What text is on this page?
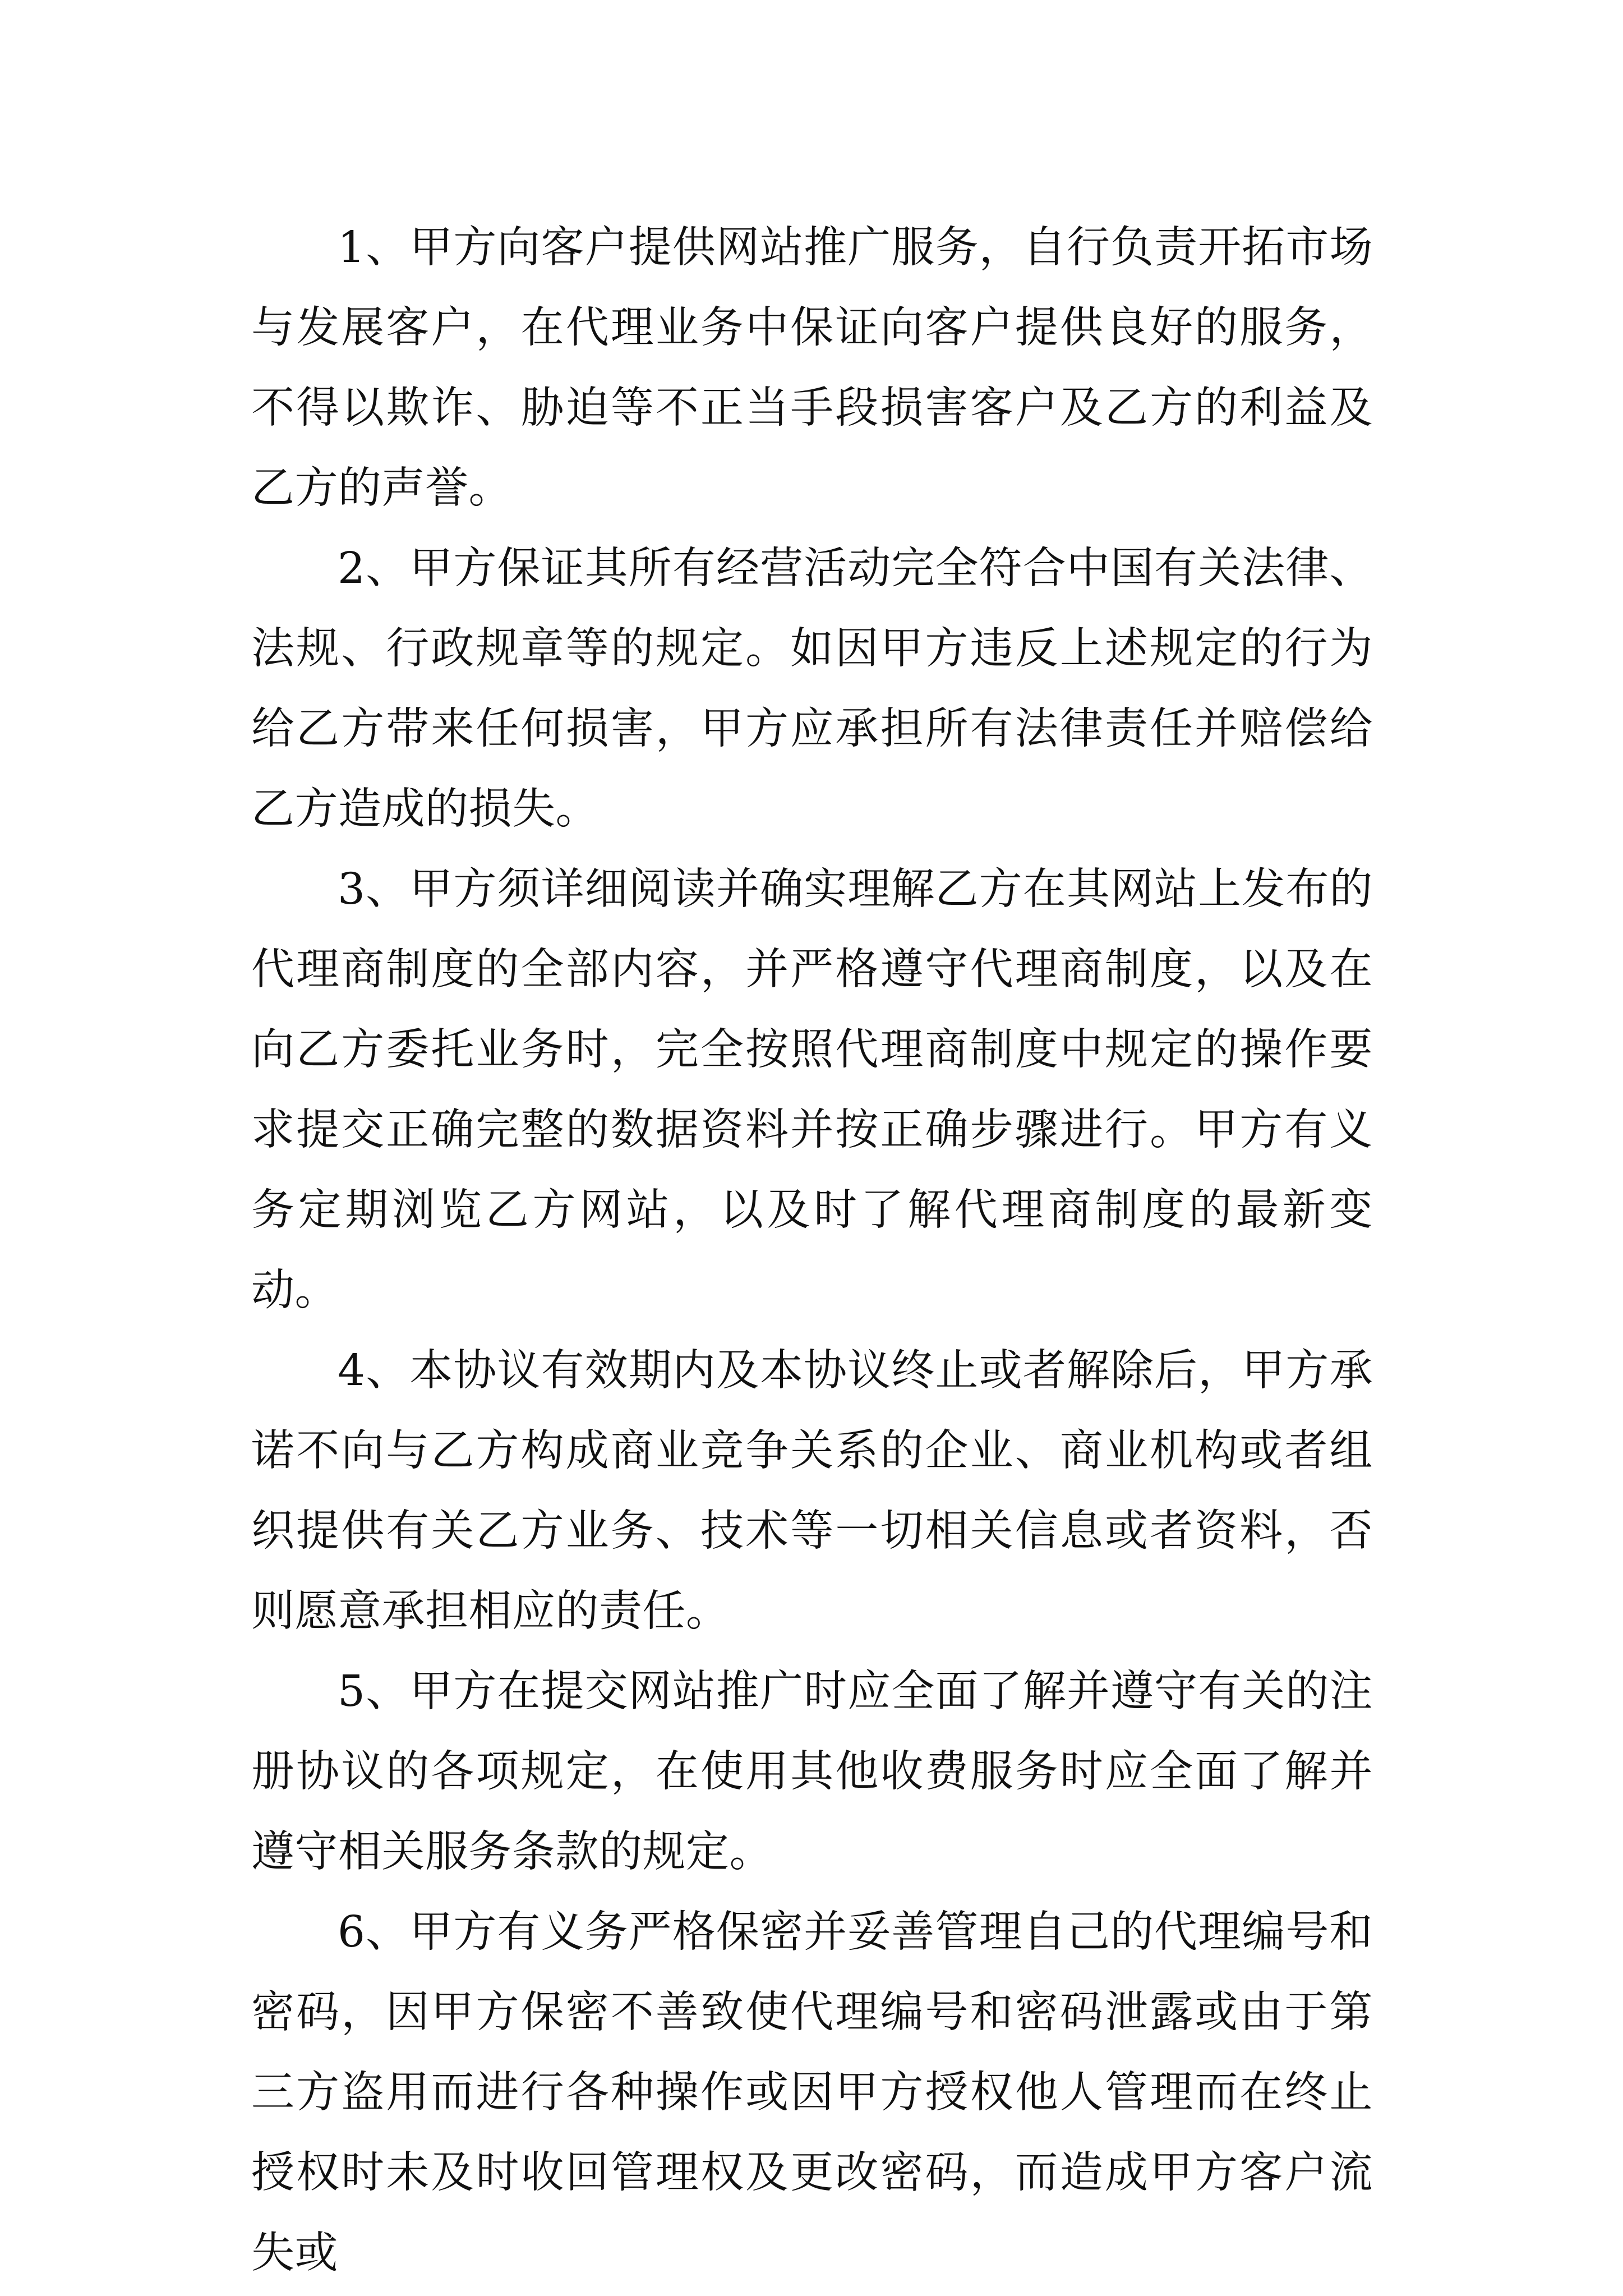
1、甲方向客户提供网站推广服务，自行负责开拓市场与发展客户，在代理业务中保证向客户提供良好的服务，不得以欺诈、胁迫等不正当手段损害客户及乙方的利益及乙方的声誉。

2、甲方保证其所有经营活动完全符合中国有关法律、法规、行政规章等的规定。如因甲方违反上述规定的行为给乙方带来任何损害，甲方应承担所有法律责任并赔偿给乙方造成的损失。

3、甲方须详细阅读并确实理解乙方在其网站上发布的代理商制度的全部内容，并严格遵守代理商制度，以及在向乙方委托业务时，完全按照代理商制度中规定的操作要求提交正确完整的数据资料并按正确步骤进行。甲方有义务定期浏览乙方网站，以及时了解代理商制度的最新变动。

4、本协议有效期内及本协议终止或者解除后，甲方承诺不向与乙方构成商业竞争关系的企业、商业机构或者组织提供有关乙方业务、技术等一切相关信息或者资料，否则愿意承担相应的责任。

5、甲方在提交网站推广时应全面了解并遵守有关的注册协议的各项规定，在使用其他收费服务时应全面了解并遵守相关服务条款的规定。

6、甲方有义务严格保密并妥善管理自己的代理编号和密码，因甲方保密不善致使代理编号和密码泄露或由于第三方盗用而进行各种操作或因甲方授权他人管理而在终止授权时未及时收回管理权及更改密码，而造成甲方客户流失或
